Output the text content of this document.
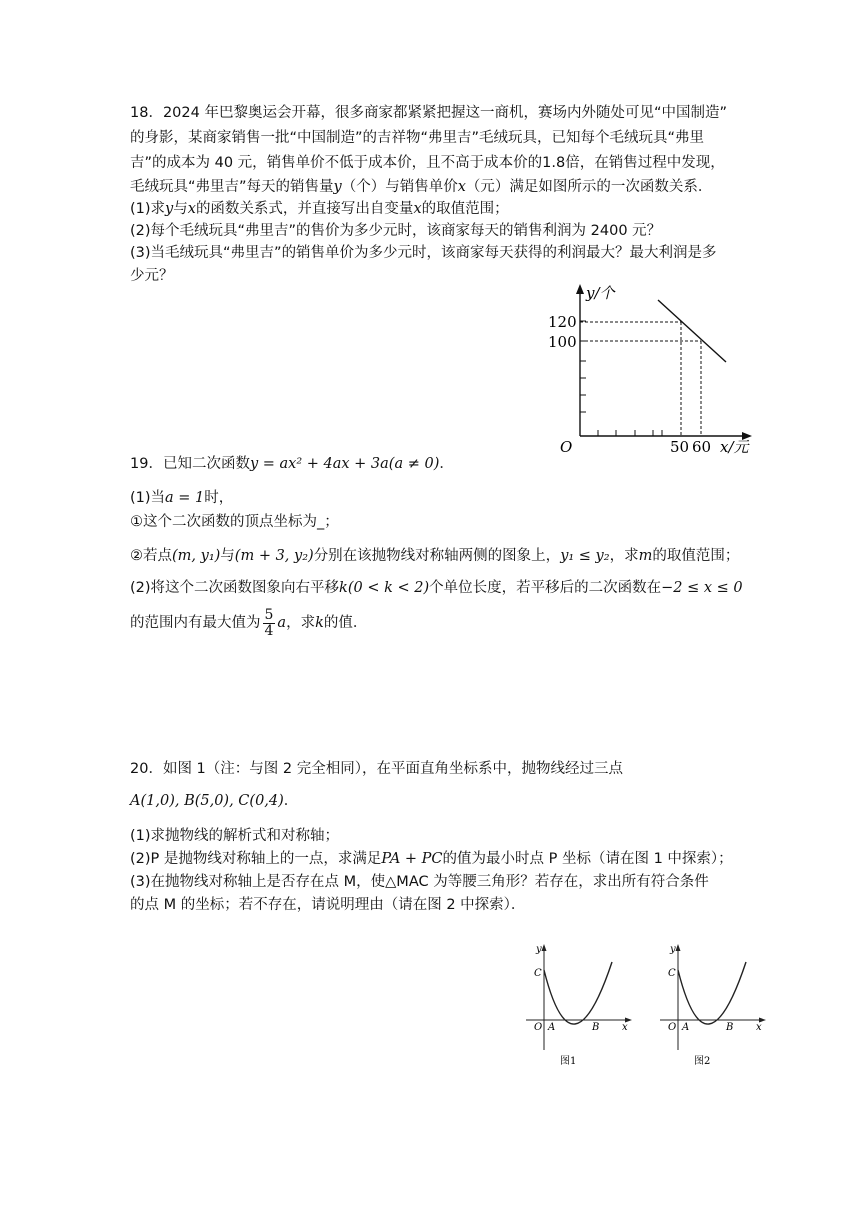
18．2024 年巴黎奥运会开幕，很多商家都紧紧把握这一商机，赛场内外随处可见“中国制造”
的身影，某商家销售一批“中国制造”的吉祥物“弗里吉”毛绒玩具，已知每个毛绒玩具“弗里
吉”的成本为 40 元，销售单价不低于成本价，且不高于成本价的1.8倍，在销售过程中发现，
毛绒玩具“弗里吉”每天的销售量y（个）与销售单价x（元）满足如图所示的一次函数关系．
(1)求y与x的函数关系式，并直接写出自变量x的取值范围；
(2)每个毛绒玩具“弗里吉”的售价为多少元时，该商家每天的销售利润为 2400 元？
(3)当毛绒玩具“弗里吉”的销售单价为多少元时，该商家每天获得的利润最大？最大利润是多
少元？
y/个
120
100
O	50 60 x/元
19．已知二次函数y = ax² + 4ax + 3a(a ≠ 0)．
(1)当a = 1时，
①这个二次函数的顶点坐标为_；
②若点(m, y₁)与(m + 3, y₂)分别在该抛物线对称轴两侧的图象上，y₁ ≤ y₂，求m的取值范围；
(2)将这个二次函数图象向右平移k(0 < k < 2)个单位长度，若平移后的二次函数在−2 ≤ x ≤ 0
的范围内有最大值为 $\frac{5}{4}$ a，求k的值．
20．如图 1（注：与图 2 完全相同），在平面直角坐标系中，抛物线经过三点
A(1,0), B(5,0), C(0,4)．
(1)求抛物线的解析式和对称轴；
(2)P 是抛物线对称轴上的一点，求满足PA + PC的值为最小时点 P 坐标（请在图 1 中探索）；
(3)在抛物线对称轴上是否存在点 M，使△MAC 为等腰三角形？若存在，求出所有符合条件
的点 M 的坐标；若不存在，请说明理由（请在图 2 中探索）．
y
C
O A	B x
图1
y
C
O A	B x
图2
